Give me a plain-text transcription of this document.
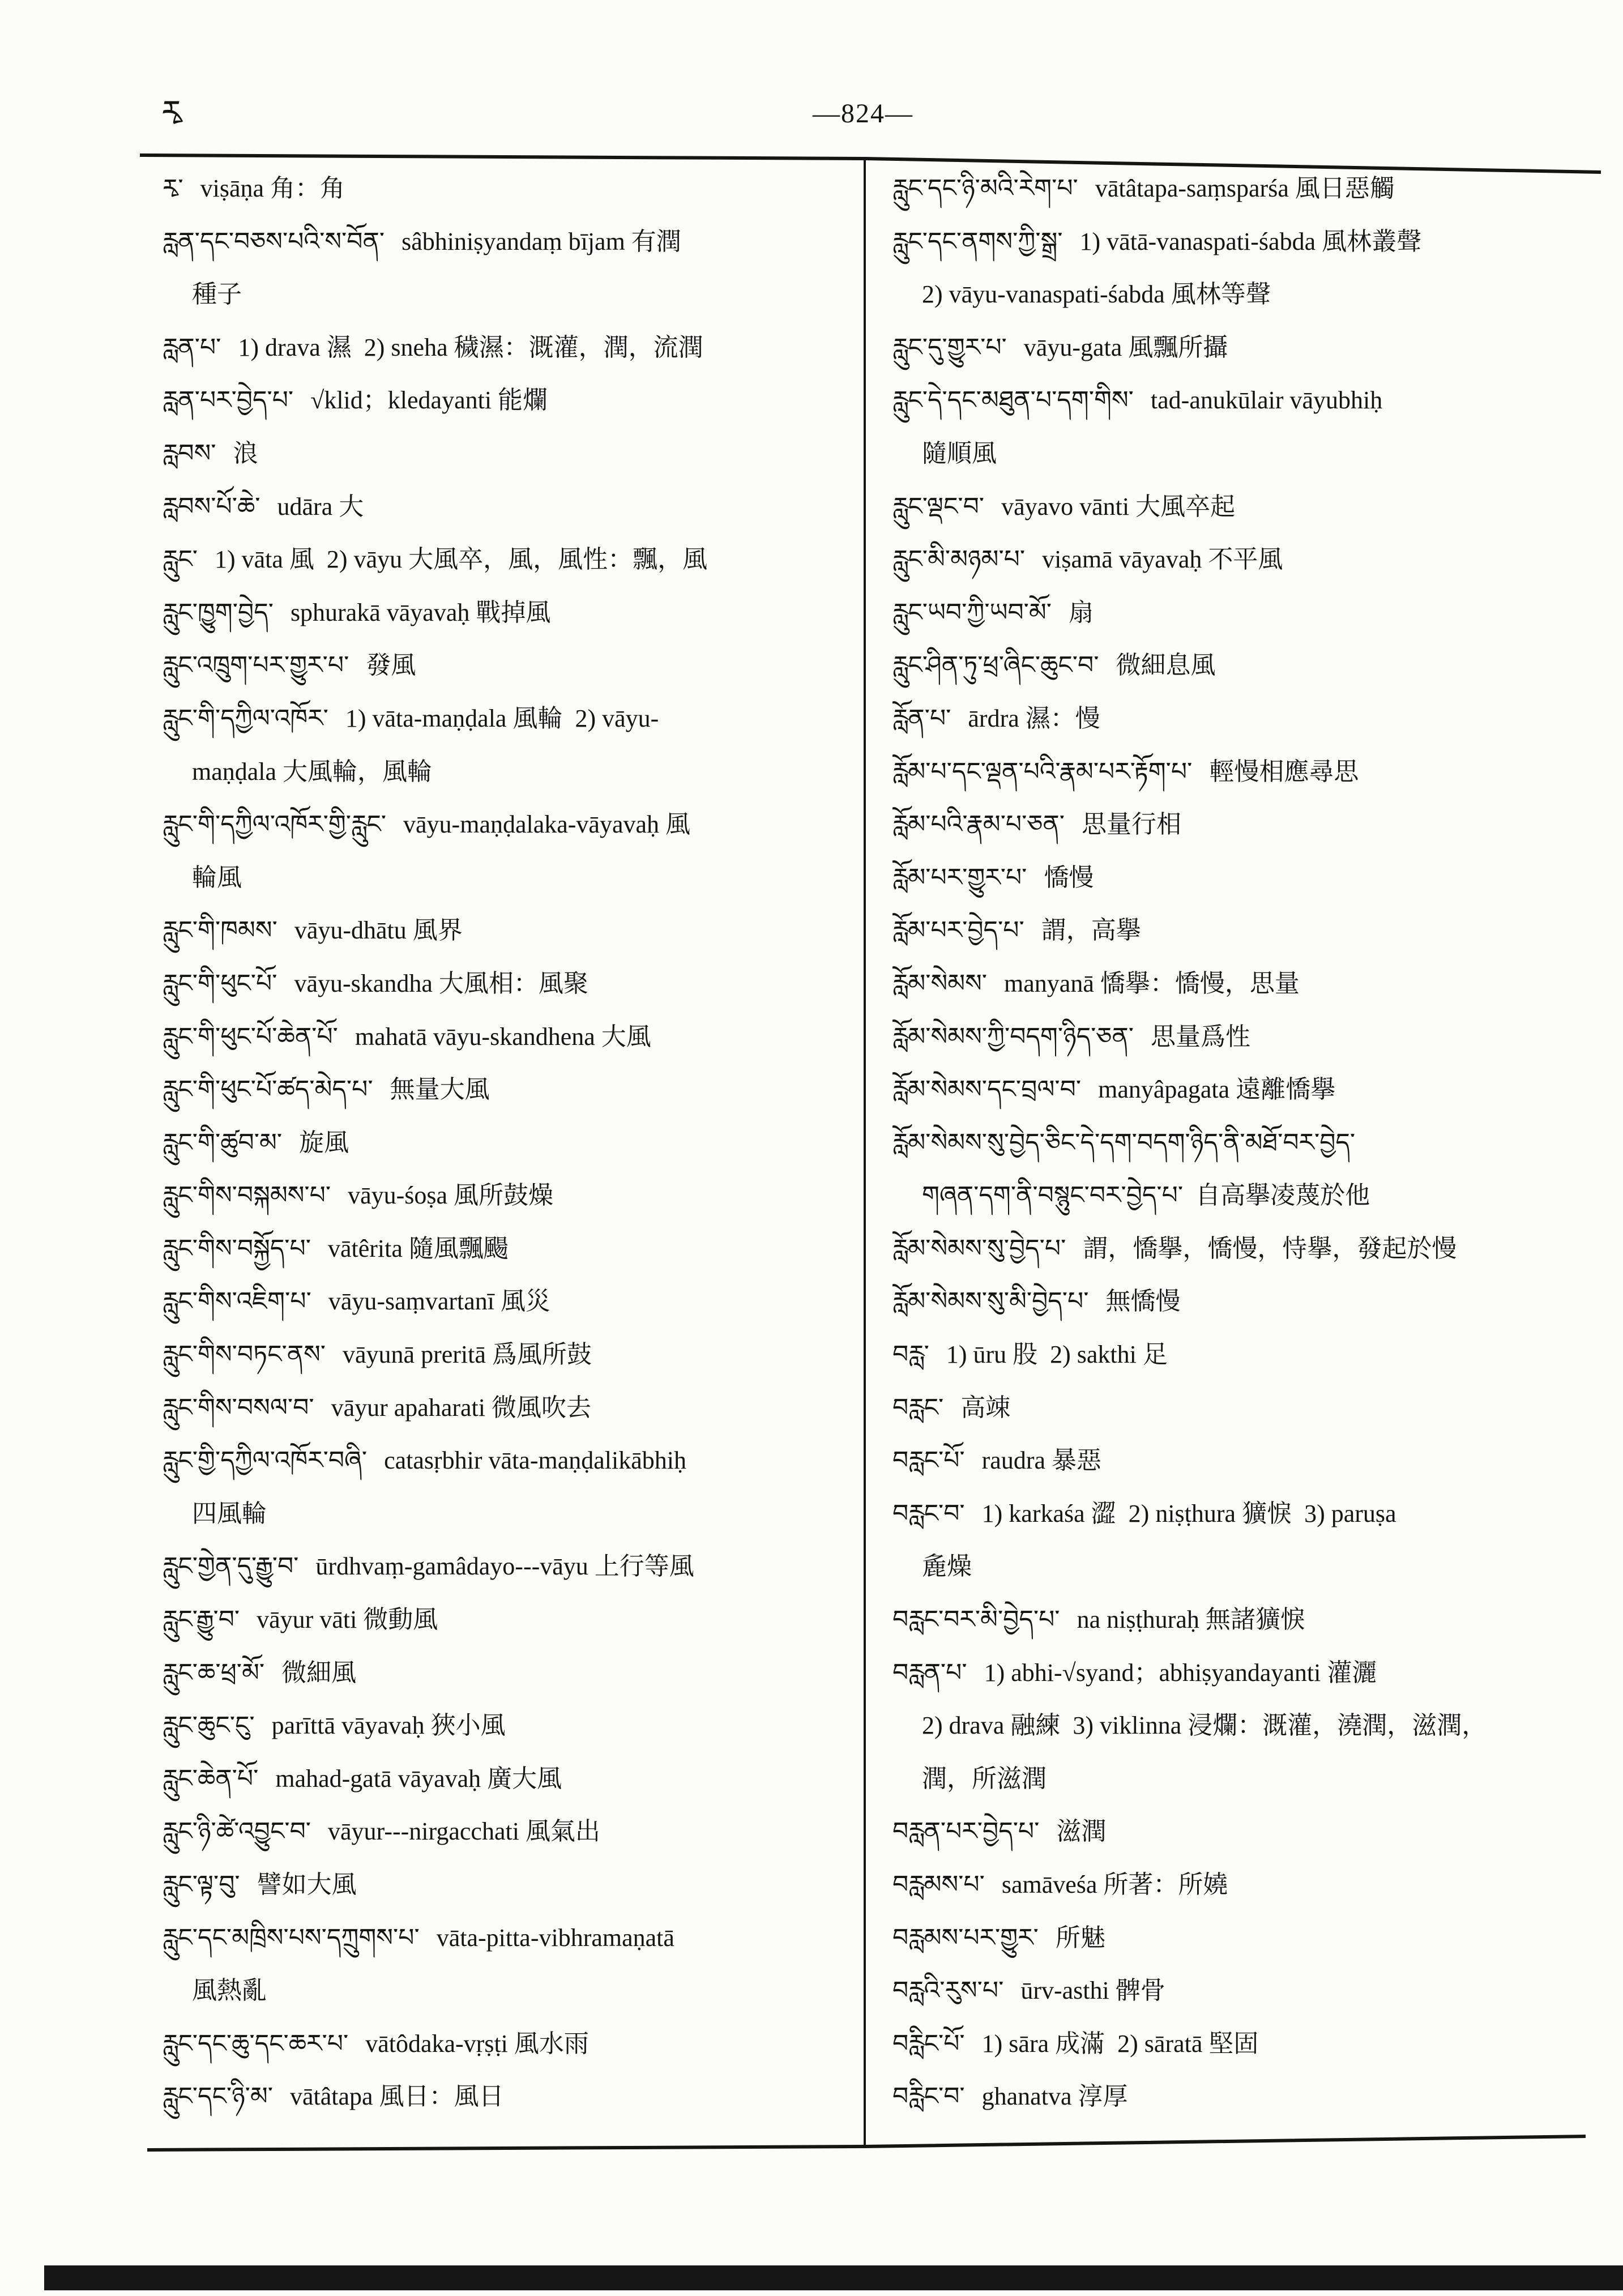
རྭ	—824—
རྭ་ viṣāṇa 角：角
རླན་དང་བཅས་པའི་ས་བོན་ sâbhiniṣyandaṃ bījam 有潤
種子
རླན་པ་ 1) drava 濕  2) sneha 穢濕：溉灌，潤，流潤
རླན་པར་བྱེད་པ་ √klid；kledayanti 能爛
རླབས་ 浪
རླབས་པོ་ཆེ་ udāra 大
རླུང་ 1) vāta 風  2) vāyu 大風卒，風，風性：飄，風
རླུང་ཁྱུག་བྱེད་ sphurakā vāyavaḥ 戰掉風
རླུང་འཁྲུག་པར་གྱུར་པ་ 發風
རླུང་གི་དཀྱིལ་འཁོར་ 1) vāta-maṇḍala 風輪  2) vāyu-
maṇḍala 大風輪，風輪
རླུང་གི་དཀྱིལ་འཁོར་གྱི་རླུང་ vāyu-maṇḍalaka-vāyavaḥ 風
輪風
རླུང་གི་ཁམས་ vāyu-dhātu 風界
རླུང་གི་ཕུང་པོ་ vāyu-skandha 大風相：風聚
རླུང་གི་ཕུང་པོ་ཆེན་པོ་ mahatā vāyu-skandhena 大風
རླུང་གི་ཕུང་པོ་ཚད་མེད་པ་ 無量大風
རླུང་གི་ཚུབ་མ་ 旋風
རླུང་གིས་བསྐམས་པ་ vāyu-śoṣa 風所鼓燥
རླུང་གིས་བསྐྱོད་པ་ vātêrita 隨風飄颺
རླུང་གིས་འཇིག་པ་ vāyu-saṃvartanī 風災
རླུང་གིས་བཏང་ནས་ vāyunā preritā 爲風所鼓
རླུང་གིས་བསལ་བ་ vāyur apaharati 微風吹去
རླུང་གྱི་དཀྱིལ་འཁོར་བཞི་ catasṛbhir vāta-maṇḍalikābhiḥ
四風輪
རླུང་གྱེན་དུ་རྒྱུ་བ་ ūrdhvaṃ-gamâdayo---vāyu 上行等風
རླུང་རྒྱུ་བ་ vāyur vāti 微動風
རླུང་ཆ་ཕྲ་མོ་ 微細風
རླུང་ཆུང་ངུ་ parīttā vāyavaḥ 狹小風
རླུང་ཆེན་པོ་ mahad-gatā vāyavaḥ 廣大風
རླུང་ཉི་ཚེ་འབྱུང་བ་ vāyur---nirgacchati 風氣出
རླུང་ལྟ་བུ་ 譬如大風
རླུང་དང་མཁྲིས་པས་དཀྲུགས་པ་ vāta-pitta-vibhramaṇatā
風熱亂
རླུང་དང་ཆུ་དང་ཆར་པ་ vātôdaka-vṛṣṭi 風水雨
རླུང་དང་ཉི་མ་ vātâtapa 風日：風日
རླུང་དང་ཉི་མའི་རེག་པ་ vātâtapa-saṃsparśa 風日惡觸
རླུང་དང་ནགས་ཀྱི་སྒྲ་ 1) vātā-vanaspati-śabda 風林叢聲
2) vāyu-vanaspati-śabda 風林等聲
རླུང་དུ་གྱུར་པ་ vāyu-gata 風飄所攝
རླུང་དེ་དང་མཐུན་པ་དག་གིས་ tad-anukūlair vāyubhiḥ
隨順風
རླུང་ལྡང་བ་ vāyavo vānti 大風卒起
རླུང་མི་མཉམ་པ་ viṣamā vāyavaḥ 不平風
རླུང་ཡབ་ཀྱི་ཡབ་མོ་ 扇
རླུང་ཤིན་ཏུ་ཕྲ་ཞིང་ཆུང་བ་ 微細息風
རློན་པ་ ārdra 濕：慢
རློམ་པ་དང་ལྡན་པའི་རྣམ་པར་རྟོག་པ་ 輕慢相應尋思
རློམ་པའི་རྣམ་པ་ཅན་ 思量行相
རློམ་པར་གྱུར་པ་ 憍慢
རློམ་པར་བྱེད་པ་ 謂，高擧
རློམ་སེམས་ manyanā 憍擧：憍慢，思量
རློམ་སེམས་ཀྱི་བདག་ཉིད་ཅན་ 思量爲性
རློམ་སེམས་དང་བྲལ་བ་ manyâpagata 遠離憍擧
རློམ་སེམས་སུ་བྱེད་ཅིང་དེ་དག་བདག་ཉིད་ནི་མཐོ་བར་བྱེད་
གཞན་དག་ནི་བསྙུང་བར་བྱེད་པ་  自高擧凌蔑於他
རློམ་སེམས་སུ་བྱེད་པ་ 謂，憍擧，憍慢，恃擧，發起於慢
རློམ་སེམས་སུ་མི་བྱེད་པ་ 無憍慢
བརླ་ 1) ūru 股  2) sakthi 足
བརླང་ 高竦
བརླང་པོ་ raudra 暴惡
བརླང་བ་ 1) karkaśa 澀  2) niṣṭhura 獷悷  3) paruṣa
麁燥
བརླང་བར་མི་བྱེད་པ་ na niṣṭhuraḥ 無諸獷悷
བརླན་པ་ 1) abhi-√syand；abhiṣyandayanti 灌灑
2) drava 融練  3) viklinna 浸爛：溉灌，澆潤，滋潤，
潤，所滋潤
བརླན་པར་བྱེད་པ་ 滋潤
བརླམས་པ་ samāveśa 所著：所嬈
བརླམས་པར་གྱུར་ 所魅
བརླའི་རུས་པ་ ūrv-asthi 髀骨
བརླིང་པོ་ 1) sāra 成滿  2) sāratā 堅固
བརླིང་བ་ ghanatva 淳厚
